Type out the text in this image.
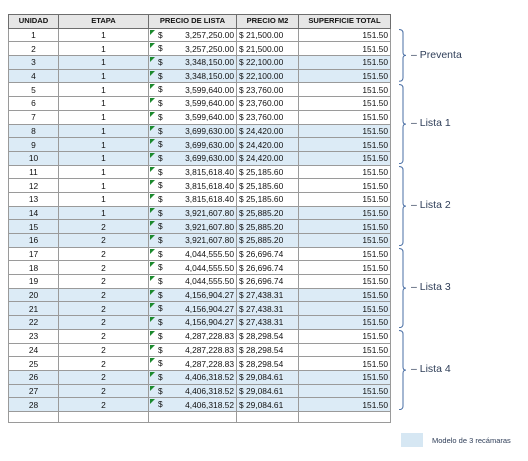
UNIDAD	ETAPA	PRECIO DE LISTA	PRECIO M2	SUPERFICIE TOTAL
1	1	$ 3,257,250.00	$ 21,500.00	151.50
2	1	$ 3,257,250.00	$ 21,500.00	151.50
3	1	$ 3,348,150.00	$ 22,100.00	151.50
4	1	$ 3,348,150.00	$ 22,100.00	151.50
5	1	$ 3,599,640.00	$ 23,760.00	151.50
6	1	$ 3,599,640.00	$ 23,760.00	151.50
7	1	$ 3,599,640.00	$ 23,760.00	151.50
8	1	$ 3,699,630.00	$ 24,420.00	151.50
9	1	$ 3,699,630.00	$ 24,420.00	151.50
10	1	$ 3,699,630.00	$ 24,420.00	151.50
11	1	$ 3,815,618.40	$ 25,185.60	151.50
12	1	$ 3,815,618.40	$ 25,185.60	151.50
13	1	$ 3,815,618.40	$ 25,185.60	151.50
14	1	$ 3,921,607.80	$ 25,885.20	151.50
15	2	$ 3,921,607.80	$ 25,885.20	151.50
16	2	$ 3,921,607.80	$ 25,885.20	151.50
17	2	$ 4,044,555.50	$ 26,696.74	151.50
18	2	$ 4,044,555.50	$ 26,696.74	151.50
19	2	$ 4,044,555.50	$ 26,696.74	151.50
20	2	$ 4,156,904.27	$ 27,438.31	151.50
21	2	$ 4,156,904.27	$ 27,438.31	151.50
22	2	$ 4,156,904.27	$ 27,438.31	151.50
23	2	$ 4,287,228.83	$ 28,298.54	151.50
24	2	$ 4,287,228.83	$ 28,298.54	151.50
25	2	$ 4,287,228.83	$ 28,298.54	151.50
26	2	$ 4,406,318.52	$ 29,084.61	151.50
27	2	$ 4,406,318.52	$ 29,084.61	151.50
28	2	$ 4,406,318.52	$ 29,084.61	151.50

– Preventa
– Lista 1
– Lista 2
– Lista 3
– Lista 4
Modelo de 3 recámaras
